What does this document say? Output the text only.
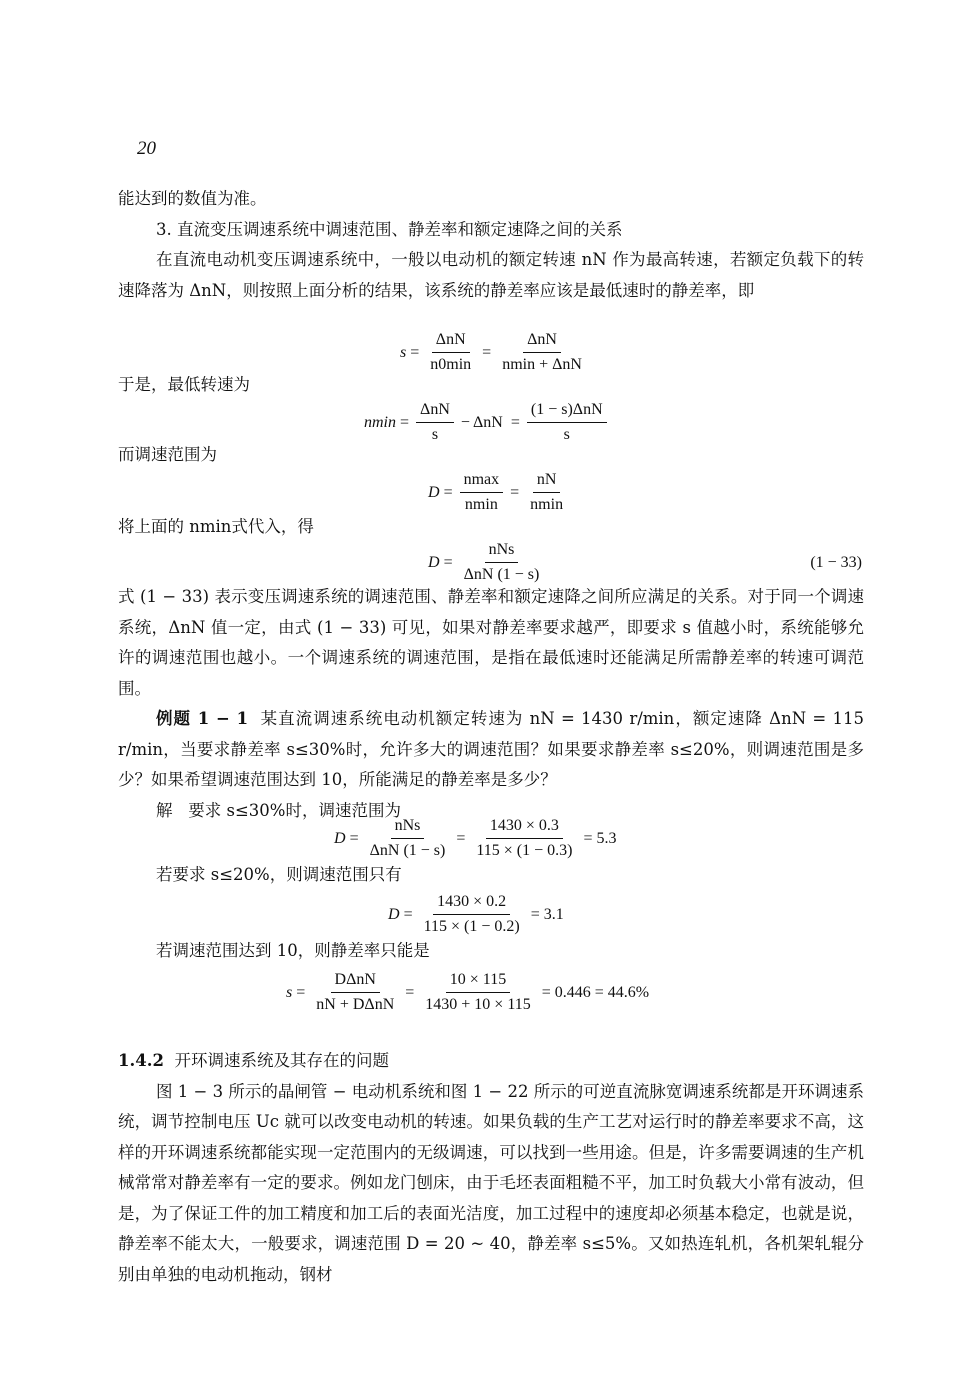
20

能达到的数值为准。

3. 直流变压调速系统中调速范围、静差率和额定速降之间的关系

在直流电动机变压调速系统中，一般以电动机的额定转速 nN 作为最高转速，若额定负载下的转速降落为 ΔnN，则按照上面分析的结果，该系统的静差率应该是最低速时的静差率，即

$s = \frac{\text{ΔnN}}{n0\min} = \frac{\text{ΔnN}}{\text{nmin + ΔnN}}$

于是，最低转速为

$nmin = \frac{\text{ΔnN}}{s} - \Delta nN = \frac{\text{(1 − s)ΔnN}}{s}$

而调速范围为

$D = \frac{nmax}{nmin} = \frac{nN}{nmin}$

将上面的 nmin式代入，得

$D = \frac{\text{nNs}}{\text{ΔnN (1 − s)}}$	(1 − 33)

式 (1 − 33) 表示变压调速系统的调速范围、静差率和额定速降之间所应满足的关系。对于同一个调速系统，ΔnN 值一定，由式 (1 − 33) 可见，如果对静差率要求越严，即要求 s 值越小时，系统能够允许的调速范围也越小。一个调速系统的调速范围，是指在最低速时还能满足所需静差率的转速可调范围。

例题 1 − 1 某直流调速系统电动机额定转速为 nN = 1430 r/min，额定速降 ΔnN = 115 r/min，当要求静差率 s≤30%时，允许多大的调速范围？如果要求静差率 s≤20%，则调速范围是多少？如果希望调速范围达到 10，所能满足的静差率是多少？

解 要求 s≤30%时，调速范围为

$D = \frac{\text{nNs}}{\text{ΔnN (1 − s)}} = \frac{1430 \times 0.3}{115 \times (1 - 0.3)} = 5.3$

若要求 s≤20%，则调速范围只有

$D = \frac{1430 \times 0.2}{115 \times (1 - 0.2)} = 3.1$

若调速范围达到 10，则静差率只能是

$s = \frac{\text{DΔnN}}{\text{nN + DΔnN}} = \frac{10 \times 115}{1430 + 10 \times 115} = 0.446 = 44.6\%$

1.4.2 开环调速系统及其存在的问题

图 1 − 3 所示的晶闸管 − 电动机系统和图 1 − 22 所示的可逆直流脉宽调速系统都是开环调速系统，调节控制电压 Uc 就可以改变电动机的转速。如果负载的生产工艺对运行时的静差率要求不高，这样的开环调速系统都能实现一定范围内的无级调速，可以找到一些用途。但是，许多需要调速的生产机械常常对静差率有一定的要求。例如龙门刨床，由于毛坯表面粗糙不平，加工时负载大小常有波动，但是，为了保证工件的加工精度和加工后的表面光洁度，加工过程中的速度却必须基本稳定，也就是说，静差率不能太大，一般要求，调速范围 D = 20 ~ 40，静差率 s≤5%。又如热连轧机，各机架轧辊分别由单独的电动机拖动，钢材
